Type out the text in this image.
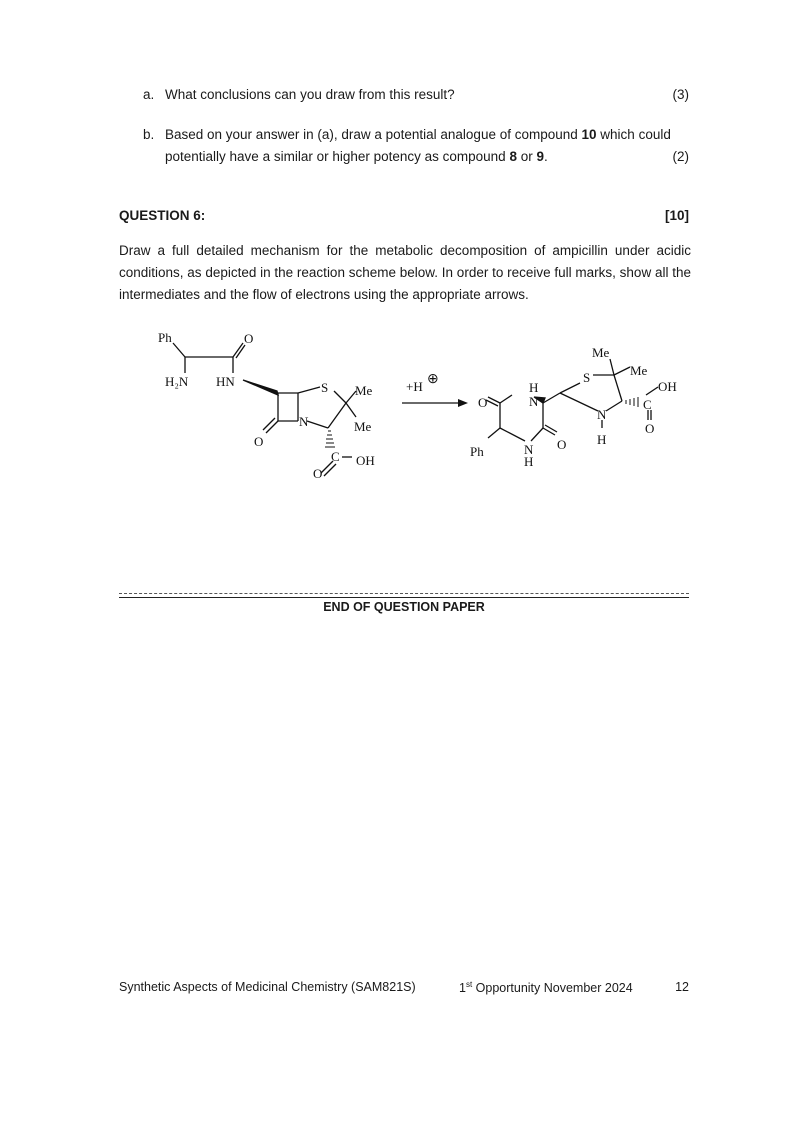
a. What conclusions can you draw from this result?	(3)
b. Based on your answer in (a), draw a potential analogue of compound 10 which could
potentially have a similar or higher potency as compound 8 or 9.	(2)
QUESTION 6:	[10]
Draw a full detailed mechanism for the metabolic decomposition of ampicillin under acidic conditions, as depicted in the reaction scheme below. In order to receive full marks, show all the intermediates and the flow of electrons using the appropriate arrows.
Ph	O
H₂N HN	S Me
Me
N
O
C OH
O
+H ⊕
Me
Me
S
OH
C
O
N
H
H
N
O
Ph	N
H
O
END OF QUESTION PAPER
Synthetic Aspects of Medicinal Chemistry (SAM821S)	1st Opportunity November 2024	12
